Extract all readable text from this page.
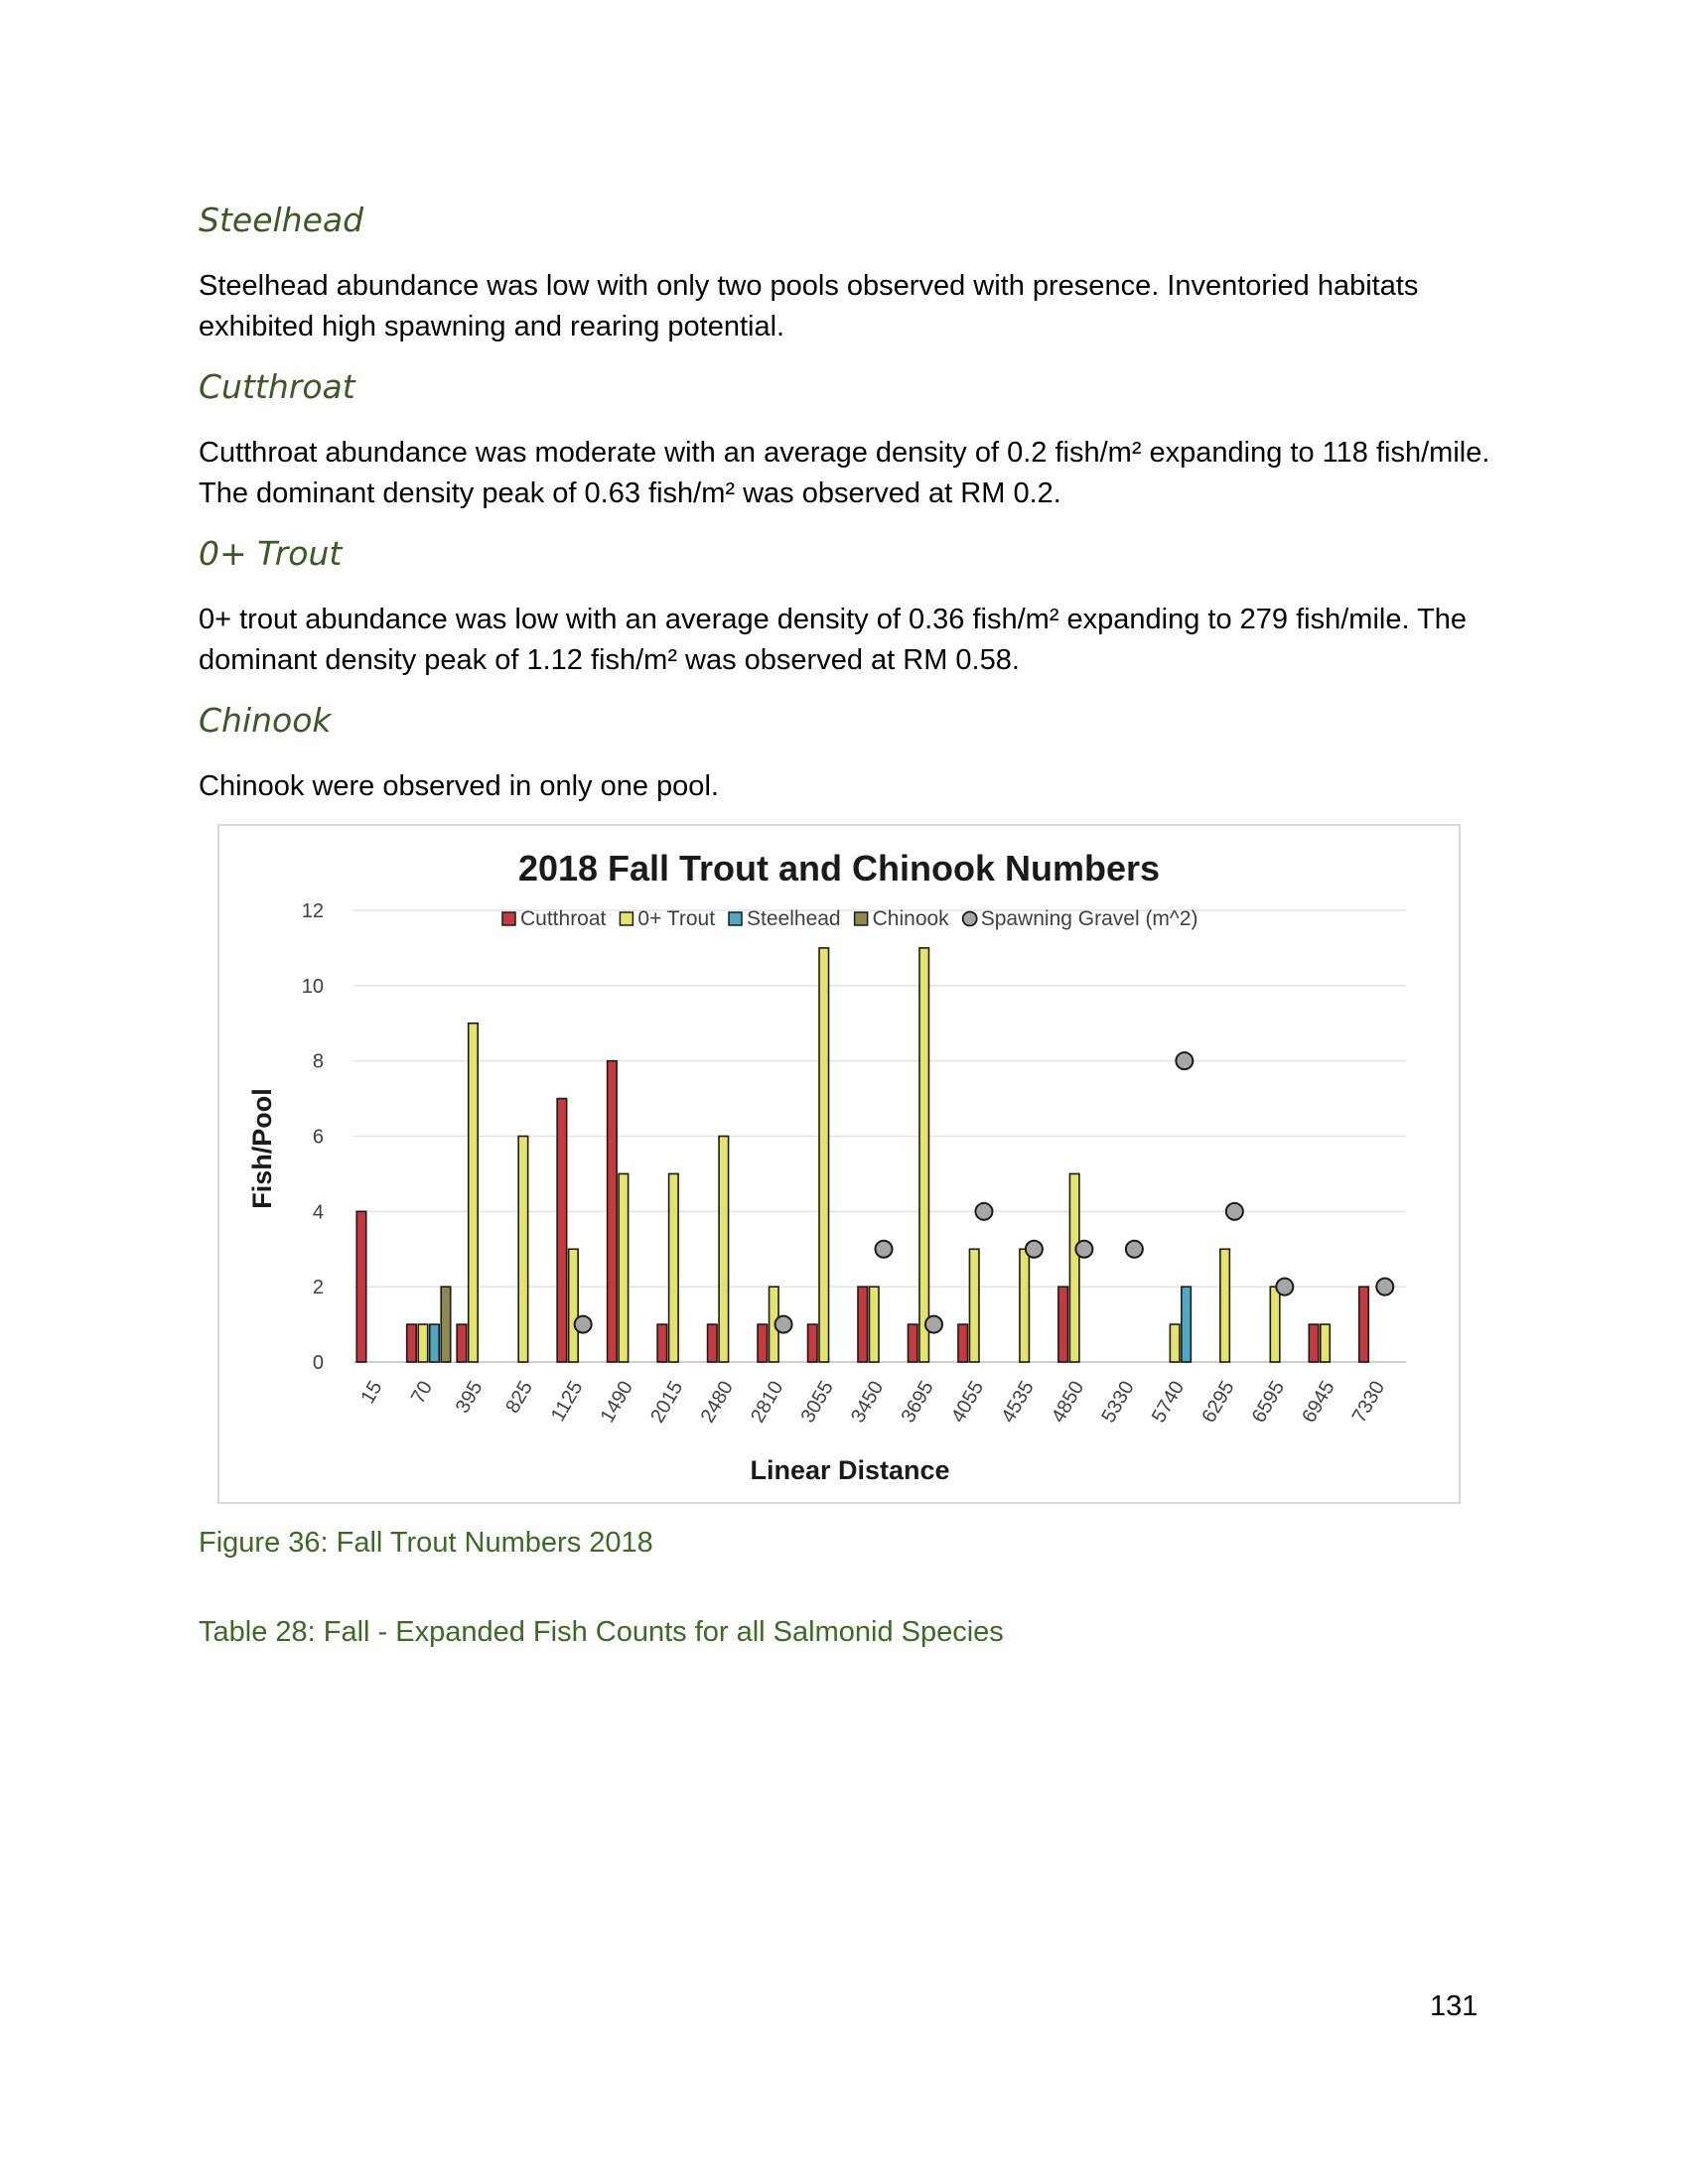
Steelhead

Steelhead abundance was low with only two pools observed with presence. Inventoried habitats exhibited high spawning and rearing potential.

Cutthroat

Cutthroat abundance was moderate with an average density of 0.2 fish/m² expanding to 118 fish/mile. The dominant density peak of 0.63 fish/m² was observed at RM 0.2.

0+ Trout

0+ trout abundance was low with an average density of 0.36 fish/m² expanding to 279 fish/mile. The dominant density peak of 1.12 fish/m² was observed at RM 0.58.

Chinook

Chinook were observed in only one pool.

2018 Fall Trout and Chinook Numbers
Fish/Pool
Linear Distance
0
2
4
6
8
10
12
15 70 395 825 1125 1490 2015 2480 2810 3055 3450 3695 4055 4535 4850 5330 5740 6295 6595 6945 7330
Cutthroat 0+ Trout Steelhead Chinook Spawning Gravel (m^2)

Figure 36: Fall Trout Numbers 2018

Table 28: Fall - Expanded Fish Counts for all Salmonid Species

131
